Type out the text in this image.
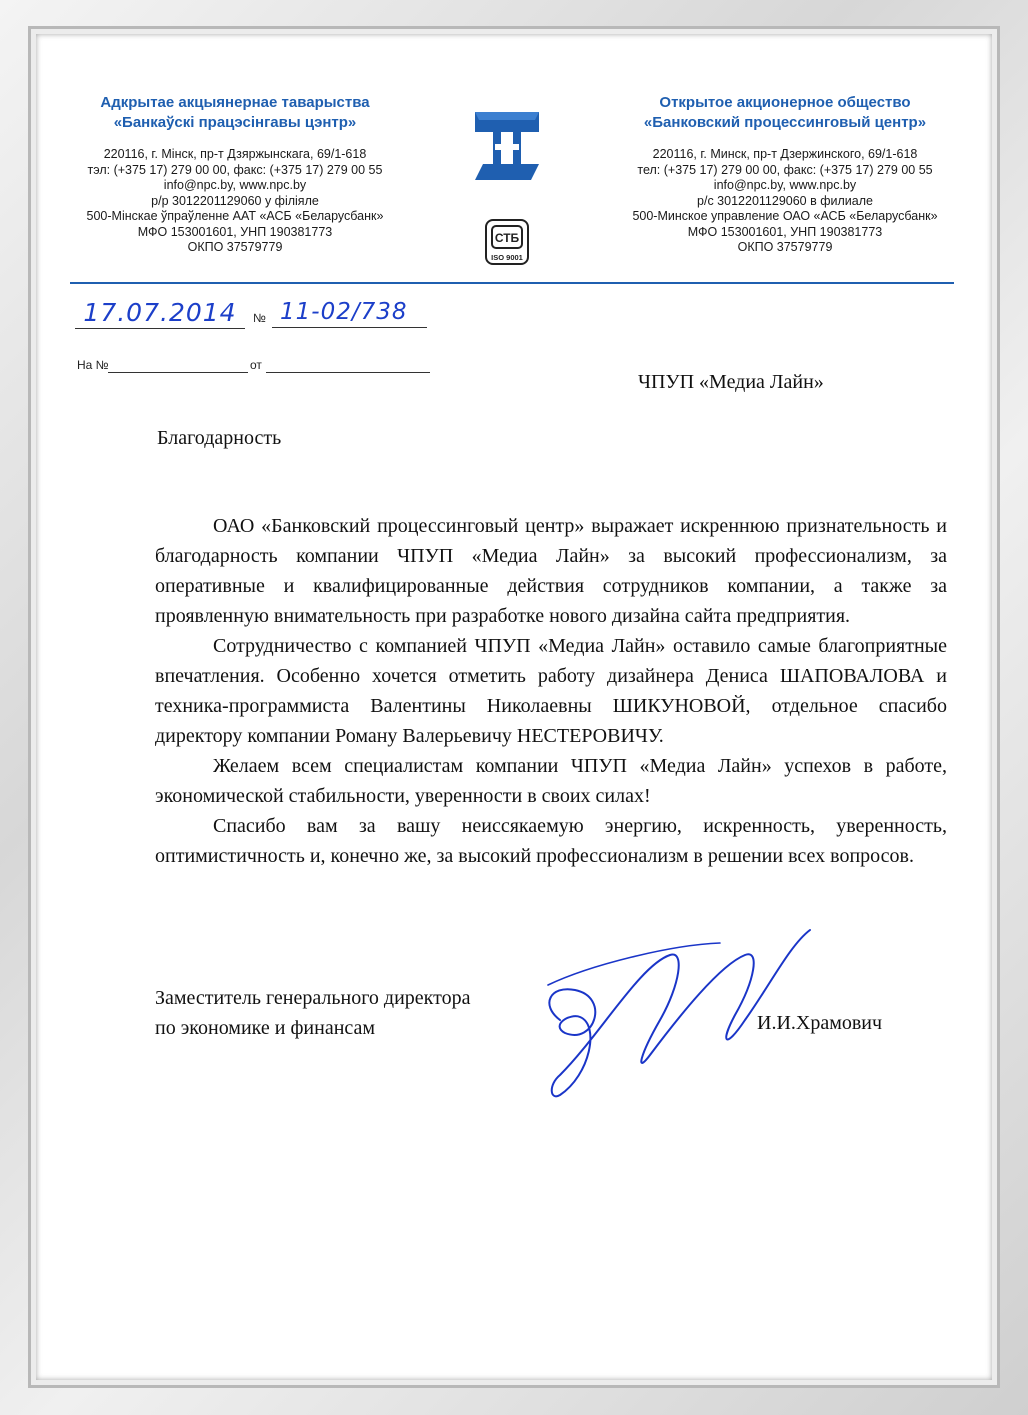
Адкрытае акцыянернае таварыства
«Банкаўскі працэсінгавы цэнтр»
220116, г. Мінск, пр-т Дзяржынскага, 69/1-618
тэл: (+375 17) 279 00 00, факс: (+375 17) 279 00 55
info@npc.by, www.npc.by
р/р 3012201129060 у філіяле
500-Мінскае ўпраўленне ААТ «АСБ «Беларусбанк»
МФО 153001601, УНП 190381773
ОКПО 37579779
СТБ
ISO 9001
Открытое акционерное общество
«Банковский процессинговый центр»
220116, г. Минск, пр-т Дзержинского, 69/1-618
тел: (+375 17) 279 00 00, факс: (+375 17) 279 00 55
info@npc.by, www.npc.by
р/с 3012201129060 в филиале
500-Минское управление ОАО «АСБ «Беларусбанк»
МФО 153001601, УНП 190381773
ОКПО 37579779
17.07.2014	№ 11-02/738
На №	от
ЧПУП «Медиа Лайн»
Благодарность

ОАО «Банковский процессинговый центр» выражает искреннюю признательность и благодарность компании ЧПУП «Медиа Лайн» за высокий профессионализм, за оперативные и квалифицированные действия сотрудников компании, а также за проявленную внимательность при разработке нового дизайна сайта предприятия.

Сотрудничество с компанией ЧПУП «Медиа Лайн» оставило самые благоприятные впечатления. Особенно хочется отметить работу дизайнера Дениса ШАПОВАЛОВА и техника-программиста Валентины Николаевны ШИКУНОВОЙ, отдельное спасибо директору компании Роману Валерьевичу НЕСТЕРОВИЧУ.

Желаем всем специалистам компании ЧПУП «Медиа Лайн» успехов в работе, экономической стабильности, уверенности в своих силах!

Спасибо вам за вашу неиссякаемую энергию, искренность, уверенность, оптимистичность и, конечно же, за высокий профессионализм в решении всех вопросов.

Заместитель генерального директора
по экономике и финансам	И.И.Храмович
